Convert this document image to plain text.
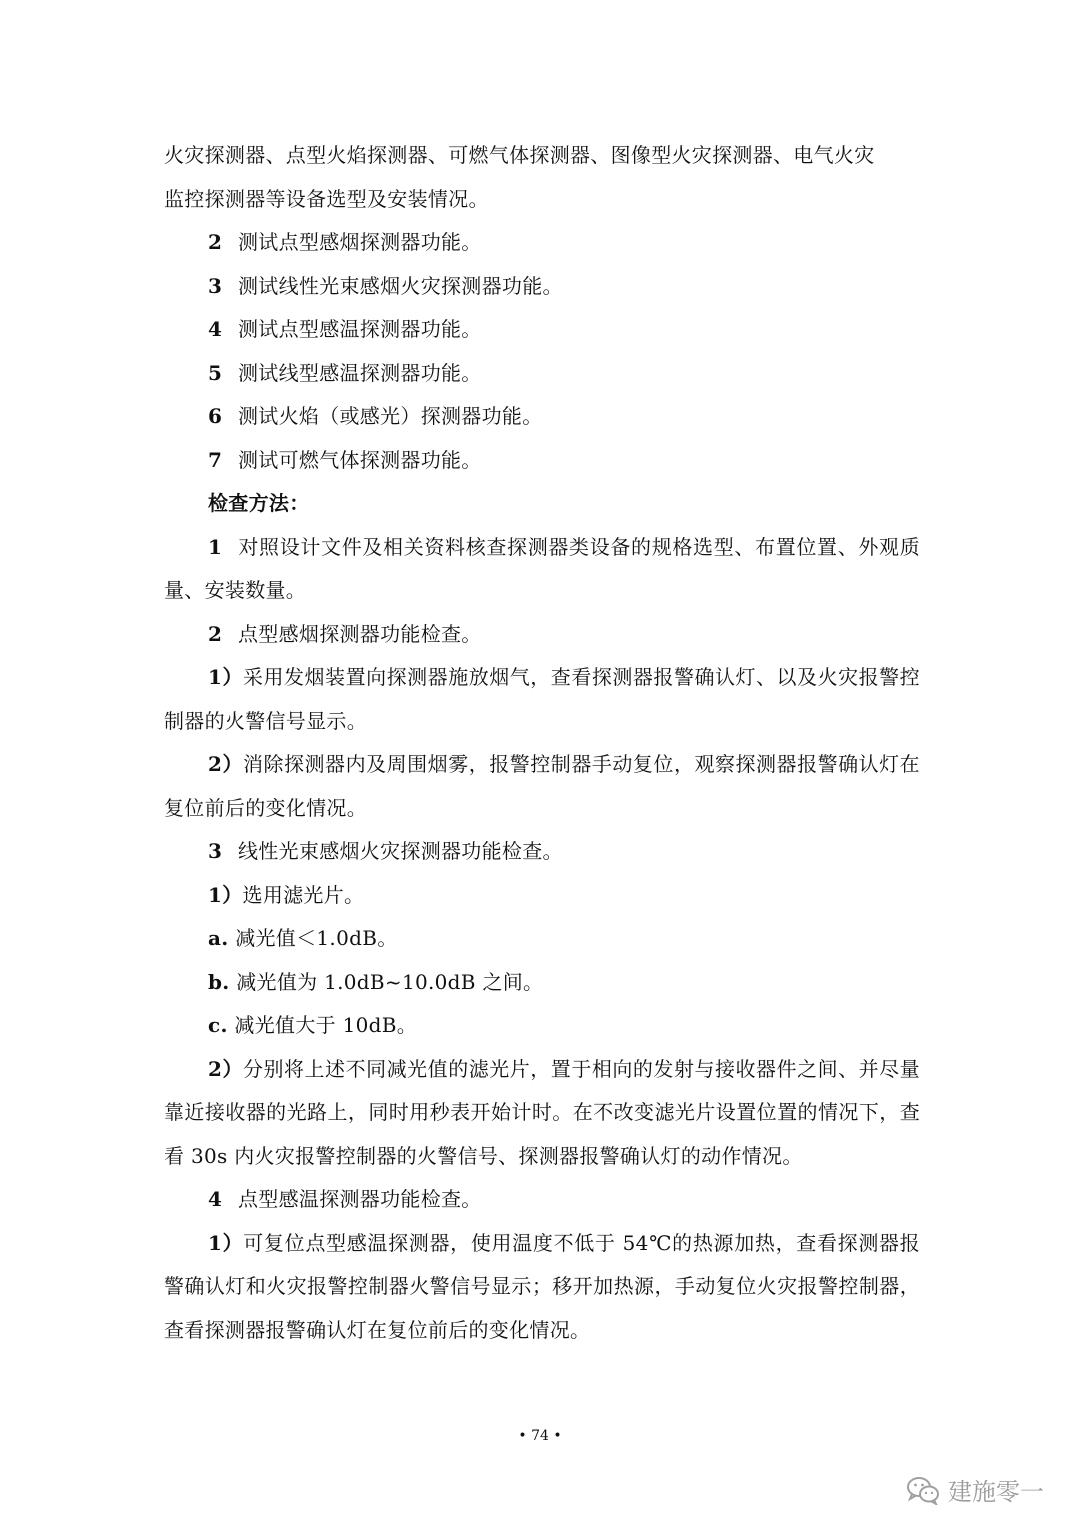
火灾探测器、点型火焰探测器、可燃气体探测器、图像型火灾探测器、电气火灾
监控探测器等设备选型及安装情况。

2 测试点型感烟探测器功能。

3 测试线性光束感烟火灾探测器功能。

4 测试点型感温探测器功能。

5 测试线型感温探测器功能。

6 测试火焰（或感光）探测器功能。

7 测试可燃气体探测器功能。

检查方法：

1 对照设计文件及相关资料核查探测器类设备的规格选型、布置位置、外观质量、安装数量。

2 点型感烟探测器功能检查。

1）采用发烟装置向探测器施放烟气，查看探测器报警确认灯、以及火灾报警控制器的火警信号显示。

2）消除探测器内及周围烟雾，报警控制器手动复位，观察探测器报警确认灯在复位前后的变化情况。

3 线性光束感烟火灾探测器功能检查。

1）选用滤光片。

a. 减光值＜1.0dB。

b. 减光值为 1.0dB~10.0dB 之间。

c. 减光值大于 10dB。

2）分别将上述不同减光值的滤光片，置于相向的发射与接收器件之间、并尽量靠近接收器的光路上，同时用秒表开始计时。在不改变滤光片设置位置的情况下，查看 30s 内火灾报警控制器的火警信号、探测器报警确认灯的动作情况。

4 点型感温探测器功能检查。

1）可复位点型感温探测器，使用温度不低于 54℃的热源加热，查看探测器报警确认灯和火灾报警控制器火警信号显示；移开加热源，手动复位火灾报警控制器，查看探测器报警确认灯在复位前后的变化情况。

• 74 •
建施零一
